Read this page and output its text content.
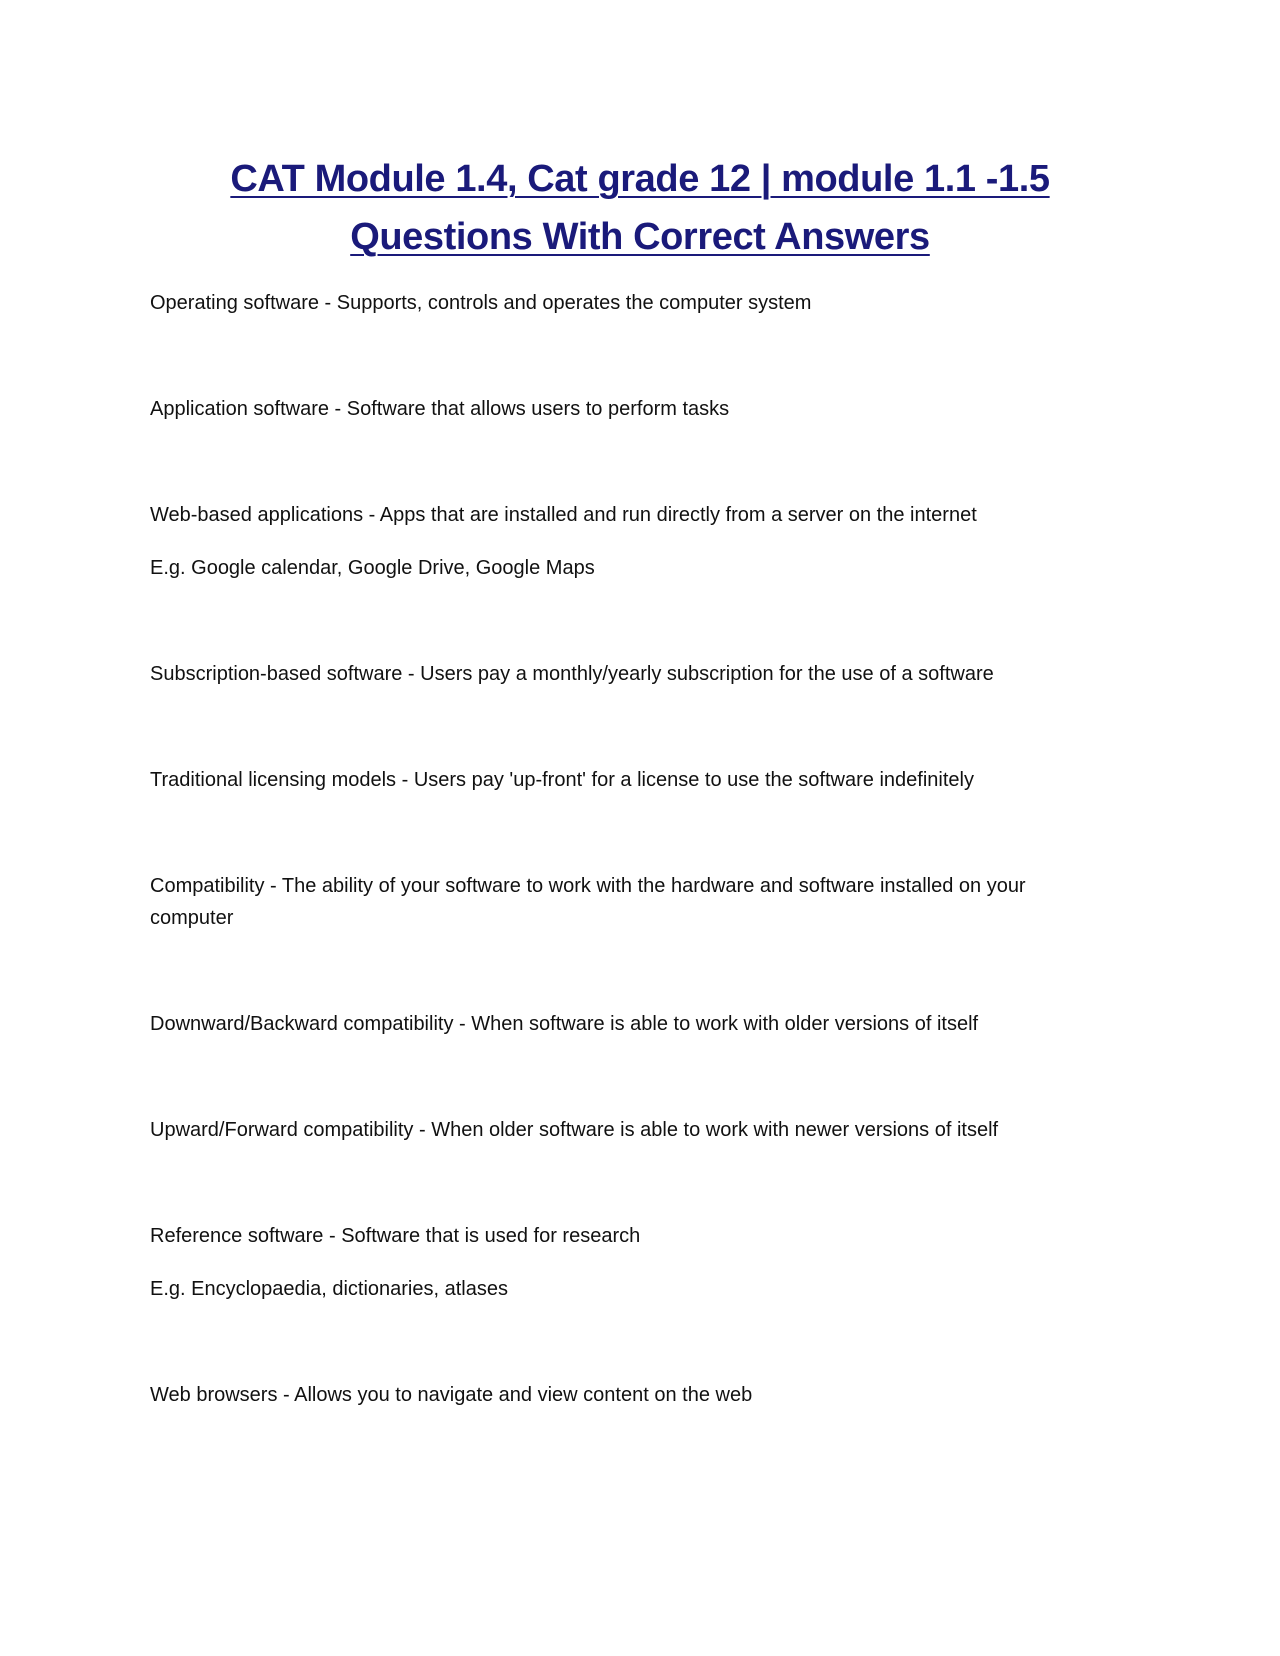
CAT Module 1.4, Cat grade 12 | module 1.1 -1.5
Questions With Correct Answers

Operating software - Supports, controls and operates the computer system

Application software - Software that allows users to perform tasks

Web-based applications - Apps that are installed and run directly from a server on the internet

E.g. Google calendar, Google Drive, Google Maps

Subscription-based software - Users pay a monthly/yearly subscription for the use of a software

Traditional licensing models - Users pay 'up-front' for a license to use the software indefinitely

Compatibility - The ability of your software to work with the hardware and software installed on your computer

Downward/Backward compatibility - When software is able to work with older versions of itself

Upward/Forward compatibility - When older software is able to work with newer versions of itself

Reference software - Software that is used for research

E.g. Encyclopaedia, dictionaries, atlases

Web browsers - Allows you to navigate and view content on the web
